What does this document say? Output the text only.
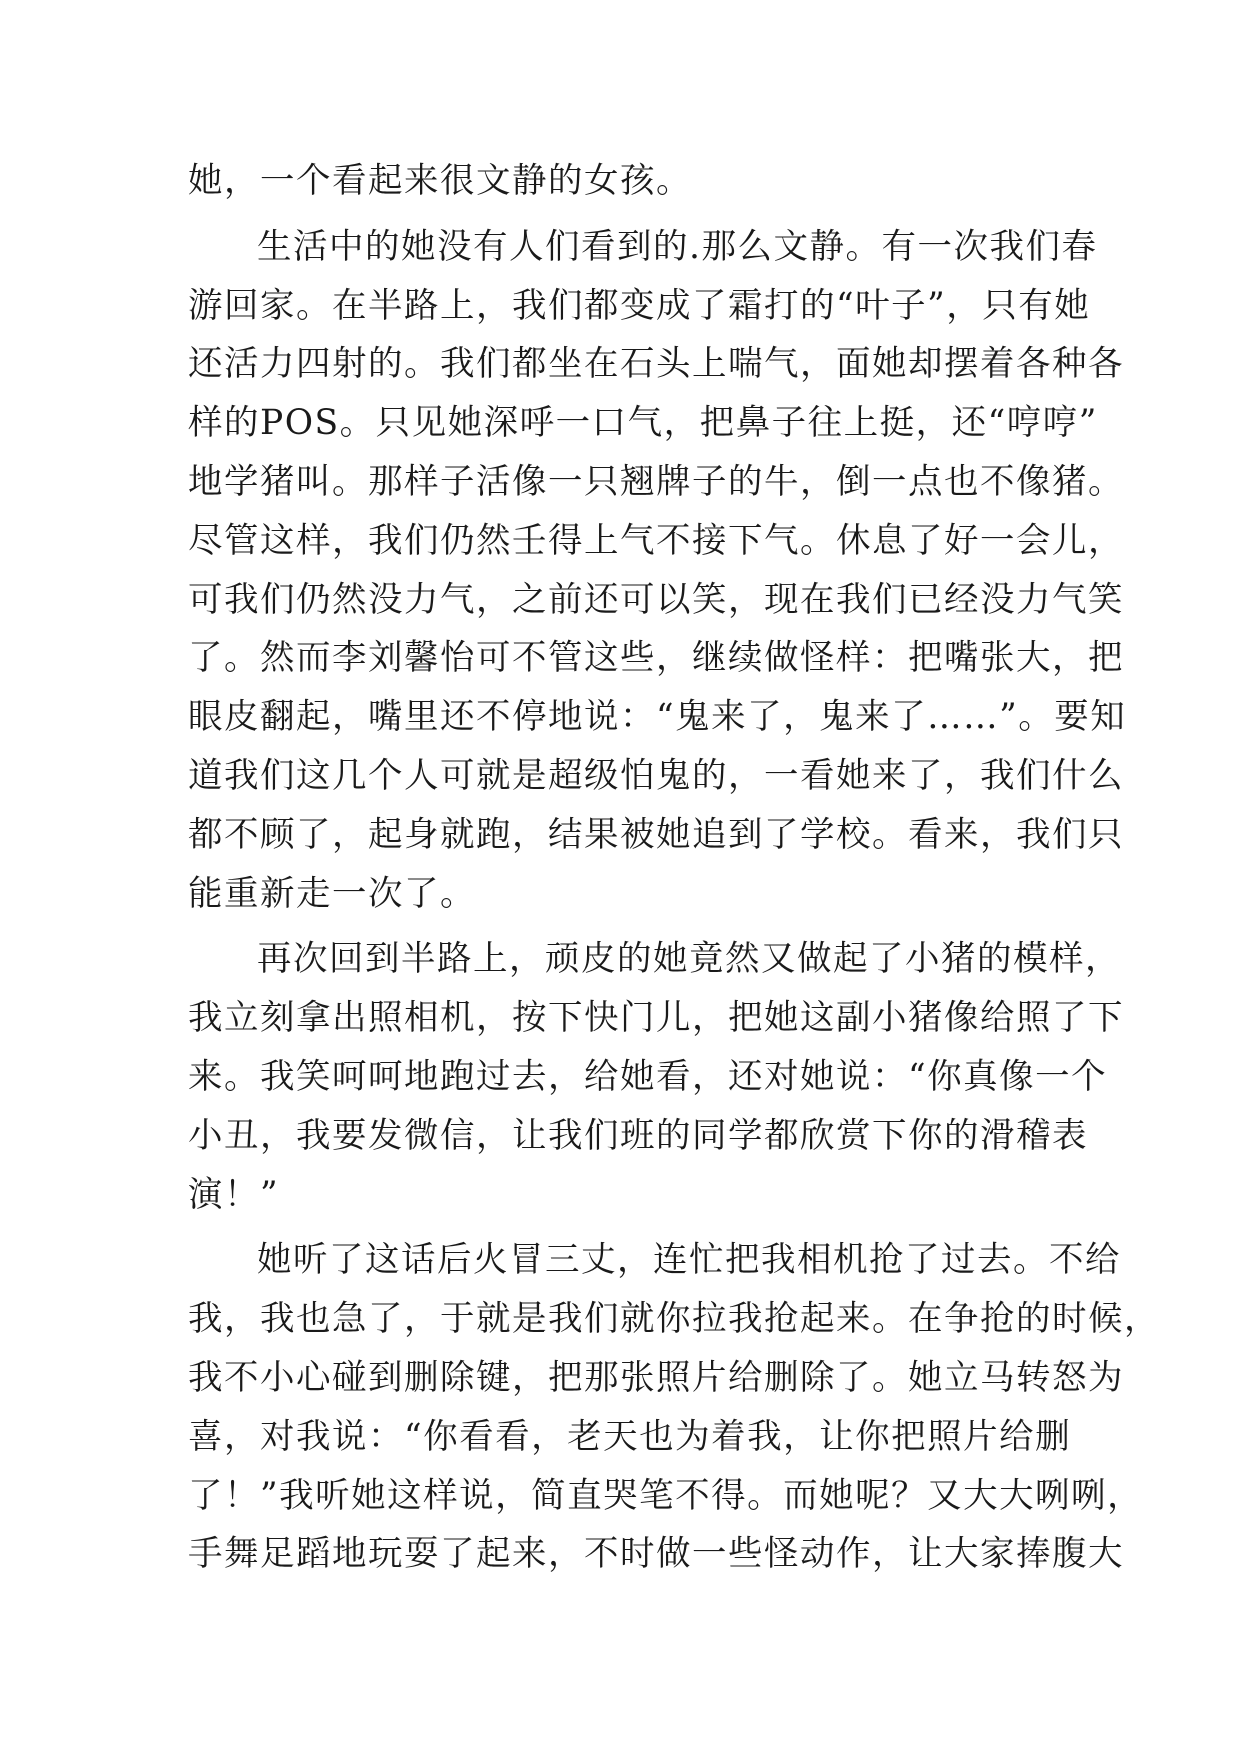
她，一个看起来很文静的女孩。
生活中的她没有人们看到的.那么文静。有一次我们春
游回家。在半路上，我们都变成了霜打的“叶子”，只有她
还活力四射的。我们都坐在石头上喘气，面她却摆着各种各
样的POS。只见她深呼一口气，把鼻子往上挺，还“哼哼”
地学猪叫。那样子活像一只翘牌子的牛，倒一点也不像猪。
尽管这样，我们仍然壬得上气不接下气。休息了好一会儿，
可我们仍然没力气，之前还可以笑，现在我们已经没力气笑
了。然而李刘馨怡可不管这些，继续做怪样：把嘴张大，把
眼皮翻起，嘴里还不停地说：“鬼来了，鬼来了……”。要知
道我们这几个人可就是超级怕鬼的，一看她来了，我们什么
都不顾了，起身就跑，结果被她追到了学校。看来，我们只
能重新走一次了。
再次回到半路上，顽皮的她竟然又做起了小猪的模样，
我立刻拿出照相机，按下快门儿，把她这副小猪像给照了下
来。我笑呵呵地跑过去，给她看，还对她说：“你真像一个
小丑，我要发微信，让我们班的同学都欣赏下你的滑稽表
演！”
她听了这话后火冒三丈，连忙把我相机抢了过去。不给
我，我也急了，于就是我们就你拉我抢起来。在争抢的时候，
我不小心碰到删除键，把那张照片给删除了。她立马转怒为
喜，对我说：“你看看，老天也为着我，让你把照片给删
了！”我听她这样说，简直哭笔不得。而她呢？又大大咧咧，
手舞足蹈地玩耍了起来，不时做一些怪动作，让大家捧腹大
